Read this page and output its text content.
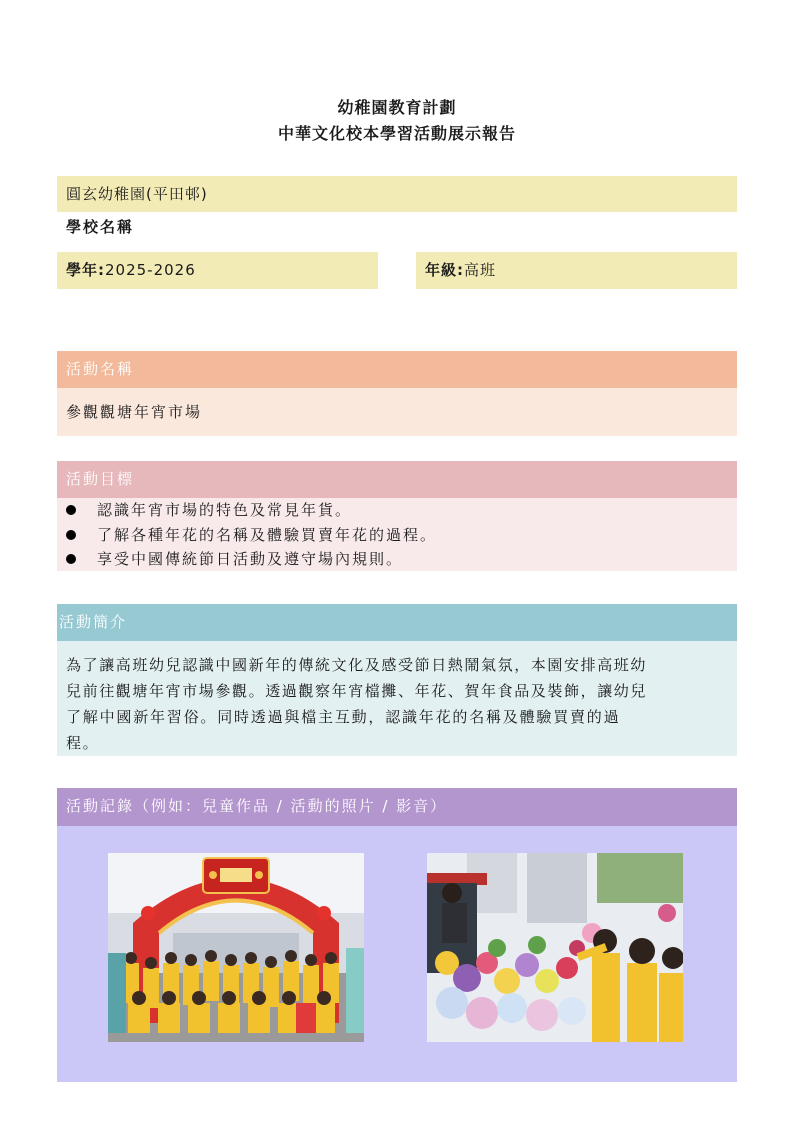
幼稚園教育計劃
中華文化校本學習活動展示報告
圓玄幼稚園(平田邨)
學校名稱
學年:2025-2026	年級:高班
活動名稱
參觀觀塘年宵市場
活動目標
認識年宵市場的特色及常見年貨。
了解各種年花的名稱及體驗買賣年花的過程。
享受中國傳統節日活動及遵守場內規則。
活動簡介
為了讓高班幼兒認識中國新年的傳統文化及感受節日熱鬧氣氛，本園安排高班幼
兒前往觀塘年宵市場參觀。透過觀察年宵檔攤、年花、賀年食品及裝飾，讓幼兒
了解中國新年習俗。同時透過與檔主互動，認識年花的名稱及體驗買賣的過
程。
活動記錄（例如：兒童作品 / 活動的照片 / 影音）
